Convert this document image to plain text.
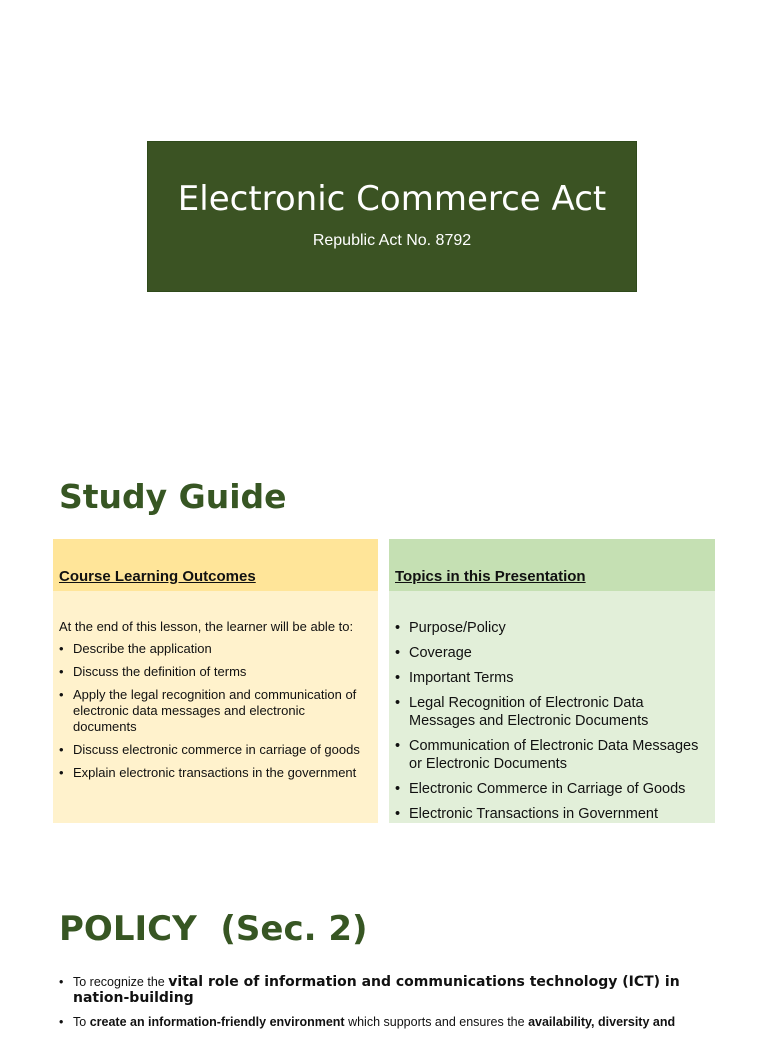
Electronic Commerce Act
Republic Act No. 8792
Study Guide
Course Learning Outcomes

At the end of this lesson, the learner will be able to:

• Describe the application
• Discuss the definition of terms
• Apply the legal recognition and communication of electronic data messages and electronic documents
• Discuss electronic commerce in carriage of goods
• Explain electronic transactions in the government
Topics in this Presentation
• Purpose/Policy
• Coverage
• Important Terms
• Legal Recognition of Electronic Data Messages and Electronic Documents
• Communication of Electronic Data Messages or Electronic Documents
• Electronic Commerce in Carriage of Goods
• Electronic Transactions in Government
POLICY  (Sec. 2)
• To recognize the vital role of information and communications technology (ICT) in nation-building
• To create an information-friendly environment which supports and ensures the availability, diversity and
